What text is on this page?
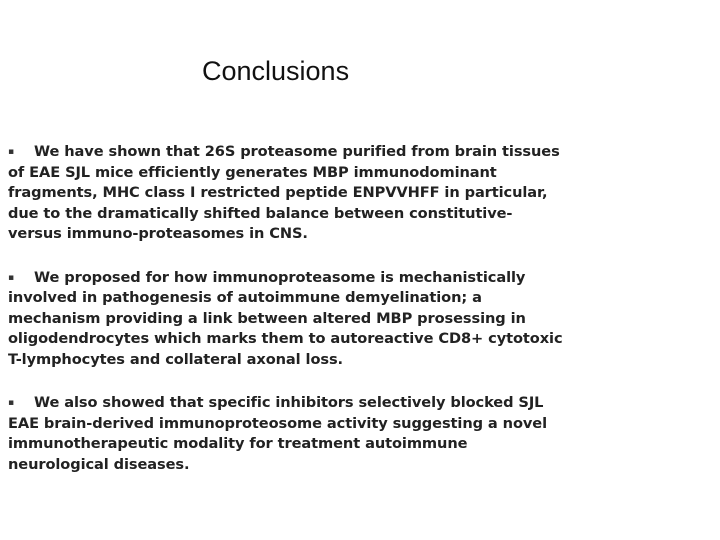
Conclusions
▪ We have shown that 26S proteasome purified from brain tissues of EAE SJL mice efficiently generates MBP immunodominant fragments, MHC class I restricted peptide ENPVVHFF in particular, due to the dramatically shifted balance between constitutive- versus immuno-proteasomes in CNS.
▪ We proposed for how immunoproteasome is mechanistically involved in pathogenesis of autoimmune demyelination; a mechanism providing a link between altered MBP prosessing in oligodendrocytes which marks them to autoreactive CD8+ cytotoxic T-lymphocytes and collateral axonal loss.
▪ We also showed that specific inhibitors selectively blocked SJL EAE brain-derived immunoproteosome activity suggesting a novel immunotherapeutic modality for treatment autoimmune neurological diseases.
